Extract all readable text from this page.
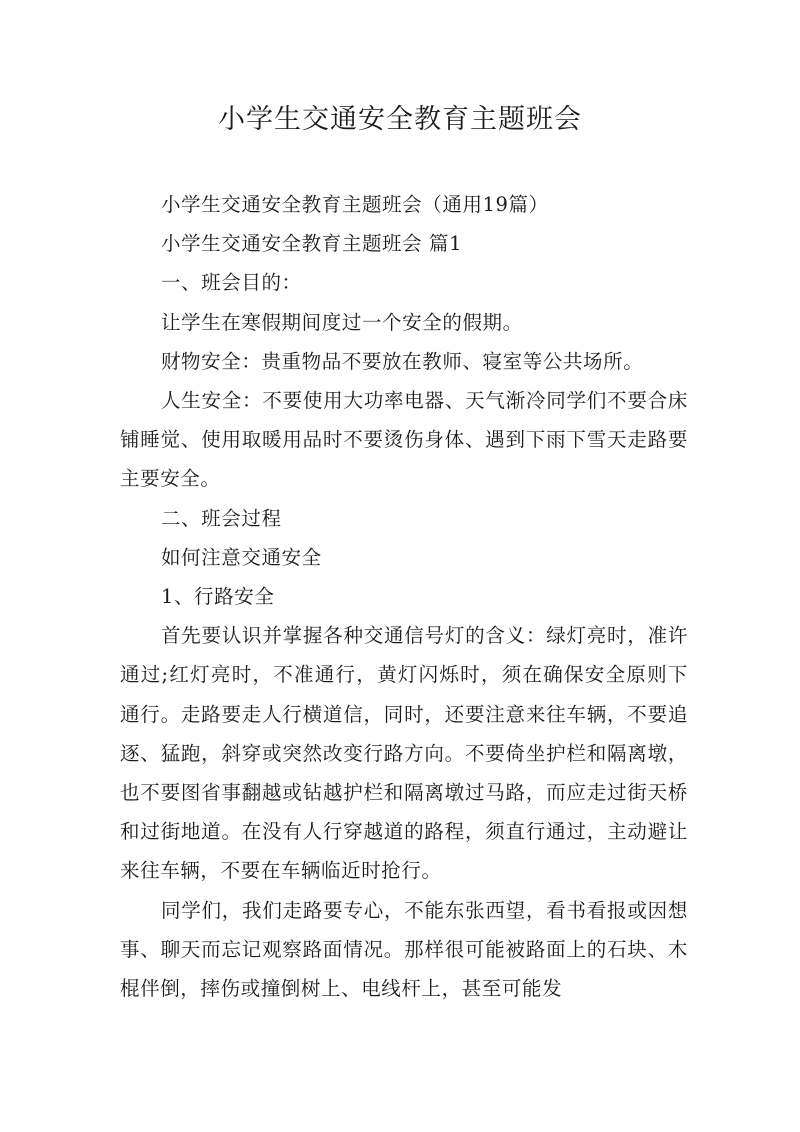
小学生交通安全教育主题班会

小学生交通安全教育主题班会（通用19篇）

小学生交通安全教育主题班会 篇1

一、班会目的：

让学生在寒假期间度过一个安全的假期。

财物安全：贵重物品不要放在教师、寝室等公共场所。

人生安全：不要使用大功率电器、天气渐冷同学们不要合床铺睡觉、使用取暖用品时不要烫伤身体、遇到下雨下雪天走路要主要安全。

二、班会过程

如何注意交通安全

1、行路安全

首先要认识并掌握各种交通信号灯的含义：绿灯亮时，准许通过;红灯亮时，不准通行，黄灯闪烁时，须在确保安全原则下通行。走路要走人行横道信，同时，还要注意来往车辆，不要追逐、猛跑，斜穿或突然改变行路方向。不要倚坐护栏和隔离墩，也不要图省事翻越或钻越护栏和隔离墩过马路，而应走过街天桥和过街地道。在没有人行穿越道的路程，须直行通过，主动避让来往车辆，不要在车辆临近时抢行。

同学们，我们走路要专心，不能东张西望，看书看报或因想事、聊天而忘记观察路面情况。那样很可能被路面上的石块、木棍伴倒，摔伤或撞倒树上、电线杆上，甚至可能发
